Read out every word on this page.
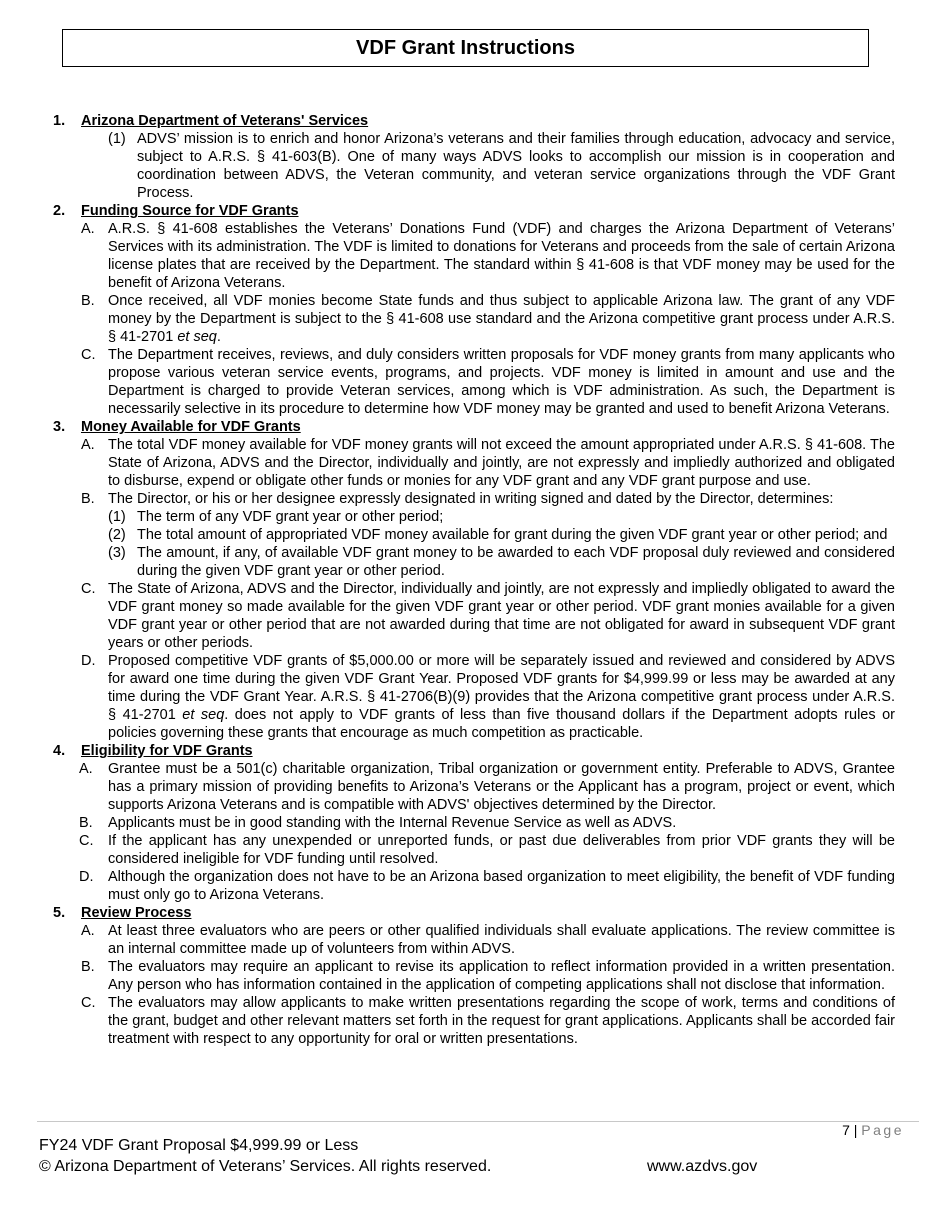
VDF Grant Instructions
1. Arizona Department of Veterans' Services
(1) ADVS’ mission is to enrich and honor Arizona’s veterans and their families through education, advocacy and service, subject to A.R.S. § 41-603(B). One of many ways ADVS looks to accomplish our mission is in cooperation and coordination between ADVS, the Veteran community, and veteran service organizations through the VDF Grant Process.
2. Funding Source for VDF Grants
A. A.R.S. § 41-608 establishes the Veterans’ Donations Fund (VDF) and charges the Arizona Department of Veterans’ Services with its administration. The VDF is limited to donations for Veterans and proceeds from the sale of certain Arizona license plates that are received by the Department. The standard within § 41-608 is that VDF money may be used for the benefit of Arizona Veterans.
B. Once received, all VDF monies become State funds and thus subject to applicable Arizona law. The grant of any VDF money by the Department is subject to the § 41-608 use standard and the Arizona competitive grant process under A.R.S. § 41-2701 et seq.
C. The Department receives, reviews, and duly considers written proposals for VDF money grants from many applicants who propose various veteran service events, programs, and projects. VDF money is limited in amount and use and the Department is charged to provide Veteran services, among which is VDF administration. As such, the Department is necessarily selective in its procedure to determine how VDF money may be granted and used to benefit Arizona Veterans.
3. Money Available for VDF Grants
A. The total VDF money available for VDF money grants will not exceed the amount appropriated under A.R.S. § 41-608. The State of Arizona, ADVS and the Director, individually and jointly, are not expressly and impliedly authorized and obligated to disburse, expend or obligate other funds or monies for any VDF grant and any VDF grant purpose and use.
B. The Director, or his or her designee expressly designated in writing signed and dated by the Director, determines:
(1) The term of any VDF grant year or other period;
(2) The total amount of appropriated VDF money available for grant during the given VDF grant year or other period; and
(3) The amount, if any, of available VDF grant money to be awarded to each VDF proposal duly reviewed and considered during the given VDF grant year or other period.
C. The State of Arizona, ADVS and the Director, individually and jointly, are not expressly and impliedly obligated to award the VDF grant money so made available for the given VDF grant year or other period. VDF grant monies available for a given VDF grant year or other period that are not awarded during that time are not obligated for award in subsequent VDF grant years or other periods.
D. Proposed competitive VDF grants of $5,000.00 or more will be separately issued and reviewed and considered by ADVS for award one time during the given VDF Grant Year. Proposed VDF grants for $4,999.99 or less may be awarded at any time during the VDF Grant Year. A.R.S. § 41-2706(B)(9) provides that the Arizona competitive grant process under A.R.S. § 41-2701 et seq. does not apply to VDF grants of less than five thousand dollars if the Department adopts rules or policies governing these grants that encourage as much competition as practicable.
4. Eligibility for VDF Grants
A. Grantee must be a 501(c) charitable organization, Tribal organization or government entity. Preferable to ADVS, Grantee has a primary mission of providing benefits to Arizona’s Veterans or the Applicant has a program, project or event, which supports Arizona Veterans and is compatible with ADVS' objectives determined by the Director.
B. Applicants must be in good standing with the Internal Revenue Service as well as ADVS.
C. If the applicant has any unexpended or unreported funds, or past due deliverables from prior VDF grants they will be considered ineligible for VDF funding until resolved.
D. Although the organization does not have to be an Arizona based organization to meet eligibility, the benefit of VDF funding must only go to Arizona Veterans.
5. Review Process
A. At least three evaluators who are peers or other qualified individuals shall evaluate applications. The review committee is an internal committee made up of volunteers from within ADVS.
B. The evaluators may require an applicant to revise its application to reflect information provided in a written presentation. Any person who has information contained in the application of competing applications shall not disclose that information.
C. The evaluators may allow applicants to make written presentations regarding the scope of work, terms and conditions of the grant, budget and other relevant matters set forth in the request for grant applications. Applicants shall be accorded fair treatment with respect to any opportunity for oral or written presentations.
7 | Page
FY24 VDF Grant Proposal $4,999.99 or Less
© Arizona Department of Veterans’ Services. All rights reserved.	www.azdvs.gov
